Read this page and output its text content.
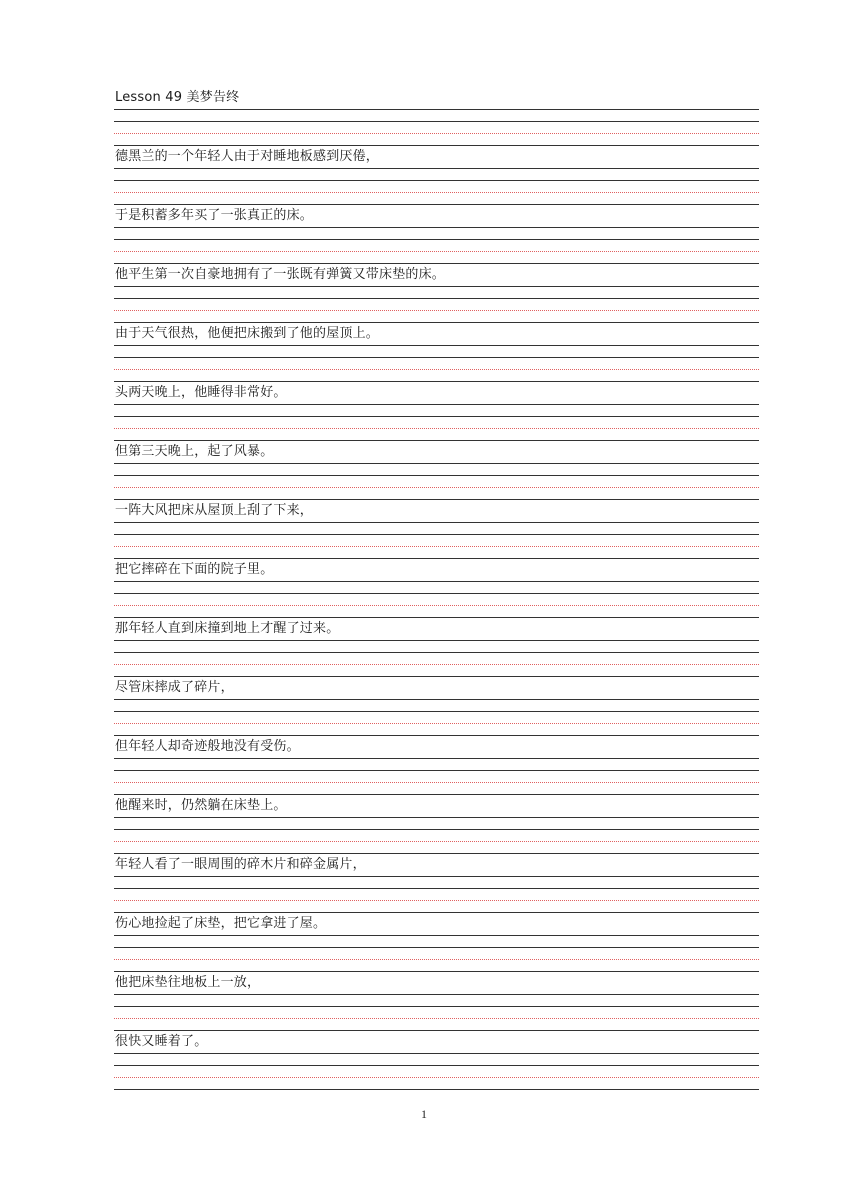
Lesson 49 美梦告终
德黑兰的一个年轻人由于对睡地板感到厌倦，
于是积蓄多年买了一张真正的床。
他平生第一次自豪地拥有了一张既有弹簧又带床垫的床。
由于天气很热，他便把床搬到了他的屋顶上。
头两天晚上，他睡得非常好。
但第三天晚上，起了风暴。
一阵大风把床从屋顶上刮了下来，
把它摔碎在下面的院子里。
那年轻人直到床撞到地上才醒了过来。
尽管床摔成了碎片，
但年轻人却奇迹般地没有受伤。
他醒来时，仍然躺在床垫上。
年轻人看了一眼周围的碎木片和碎金属片，
伤心地捡起了床垫，把它拿进了屋。
他把床垫往地板上一放，
很快又睡着了。
1
